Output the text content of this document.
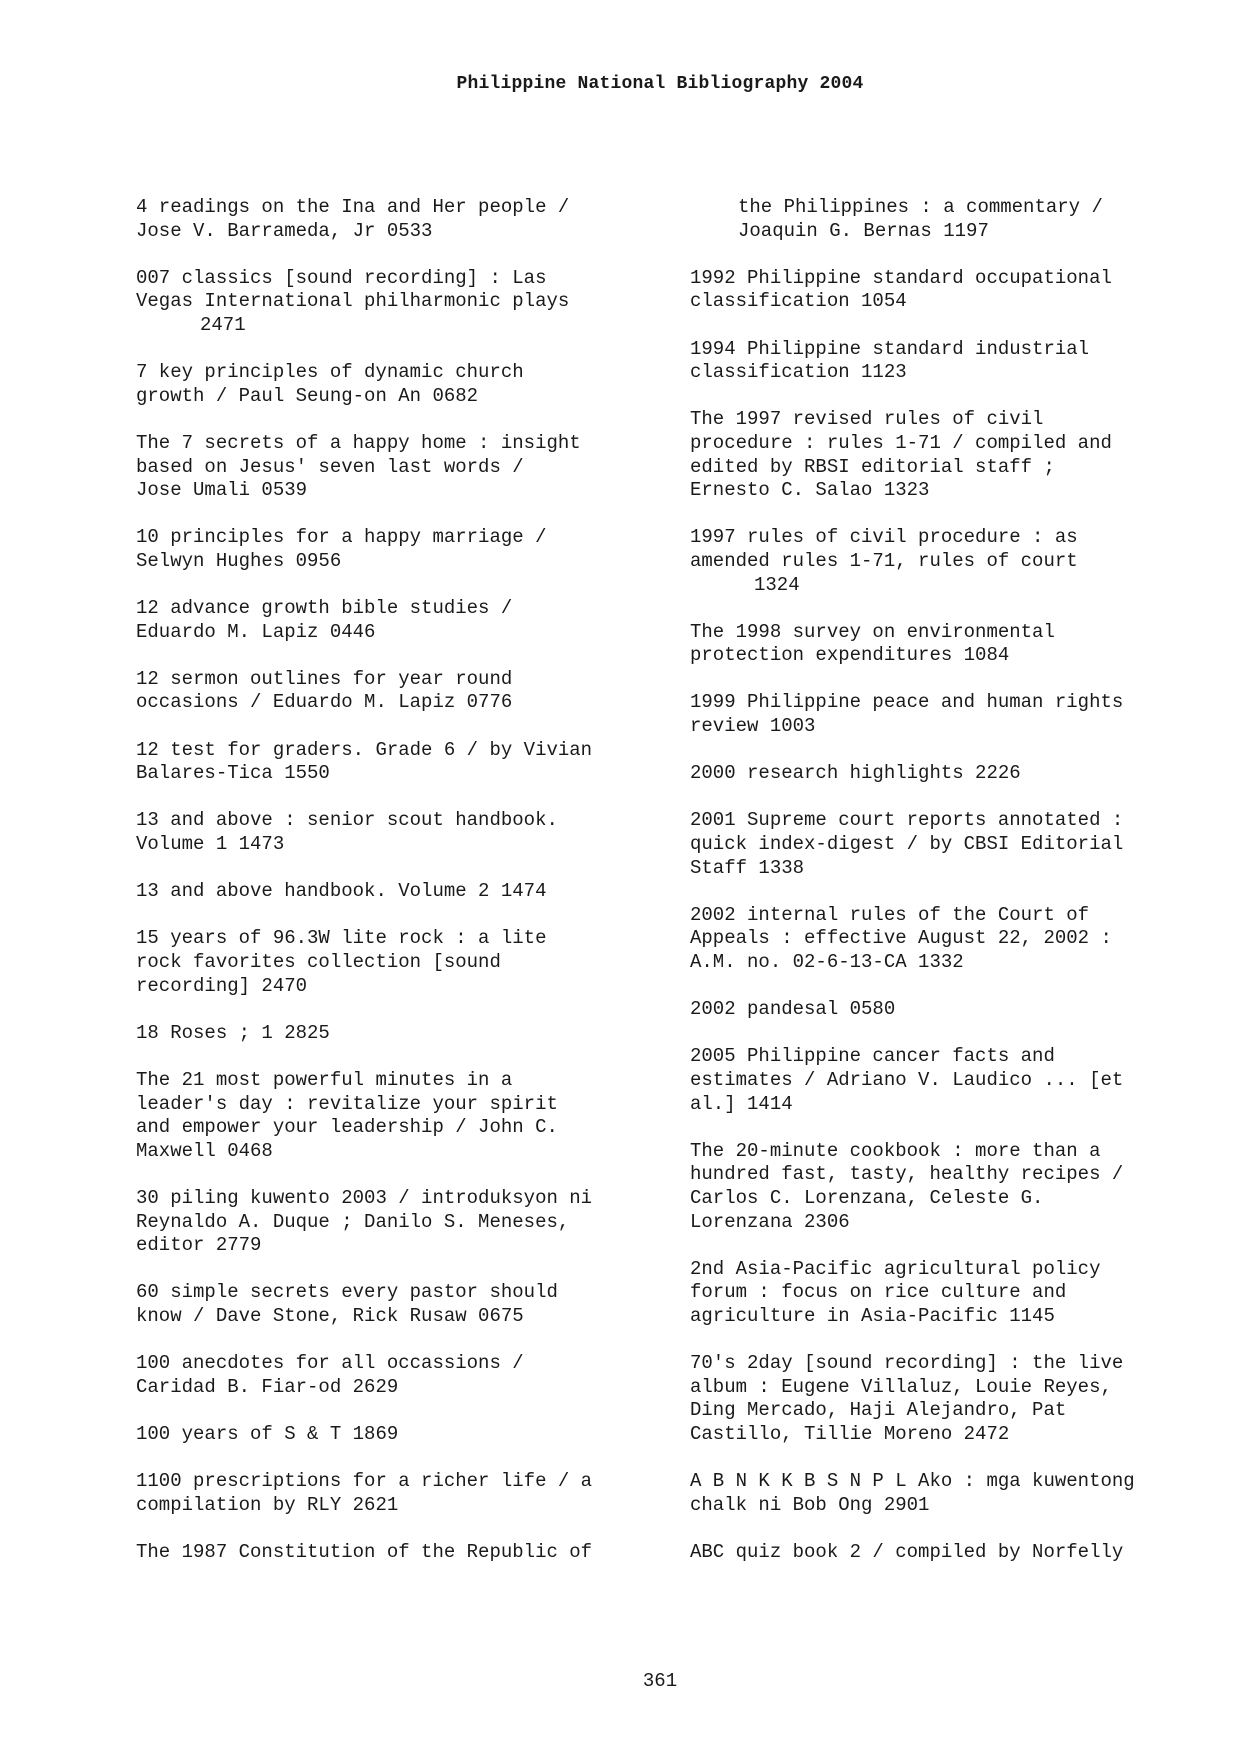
Philippine National Bibliography 2004
4 readings on the Ina and Her people /
Jose V. Barrameda, Jr 0533
007 classics [sound recording] : Las
Vegas International philharmonic plays
2471
7 key principles of dynamic church
growth / Paul Seung-on An 0682
The 7 secrets of a happy home : insight
based on Jesus' seven last words /
Jose Umali 0539
10 principles for a happy marriage /
Selwyn Hughes 0956
12 advance growth bible studies /
Eduardo M. Lapiz 0446
12 sermon outlines for year round
occasions / Eduardo M. Lapiz 0776
12 test for graders. Grade 6 / by Vivian
Balares-Tica 1550
13 and above : senior scout handbook.
Volume 1 1473
13 and above handbook. Volume 2 1474
15 years of 96.3W lite rock : a lite
rock favorites collection [sound
recording] 2470
18 Roses ; 1 2825
The 21 most powerful minutes in a
leader's day : revitalize your spirit
and empower your leadership / John C.
Maxwell 0468
30 piling kuwento 2003 / introduksyon ni
Reynaldo A. Duque ; Danilo S. Meneses,
editor 2779
60 simple secrets every pastor should
know / Dave Stone, Rick Rusaw 0675
100 anecdotes for all occassions /
Caridad B. Fiar-od 2629
100 years of S & T 1869
1100 prescriptions for a richer life / a
compilation by RLY 2621
The 1987 Constitution of the Republic of
the Philippines : a commentary /
Joaquin G. Bernas 1197
1992 Philippine standard occupational
classification 1054
1994 Philippine standard industrial
classification 1123
The 1997 revised rules of civil
procedure : rules 1-71 / compiled and
edited by RBSI editorial staff ;
Ernesto C. Salao 1323
1997 rules of civil procedure : as
amended rules 1-71, rules of court
1324
The 1998 survey on environmental
protection expenditures 1084
1999 Philippine peace and human rights
review 1003
2000 research highlights 2226
2001 Supreme court reports annotated :
quick index-digest / by CBSI Editorial
Staff 1338
2002 internal rules of the Court of
Appeals : effective August 22, 2002 :
A.M. no. 02-6-13-CA 1332
2002 pandesal 0580
2005 Philippine cancer facts and
estimates / Adriano V. Laudico ... [et
al.] 1414
The 20-minute cookbook : more than a
hundred fast, tasty, healthy recipes /
Carlos C. Lorenzana, Celeste G.
Lorenzana 2306
2nd Asia-Pacific agricultural policy
forum : focus on rice culture and
agriculture in Asia-Pacific 1145
70's 2day [sound recording] : the live
album : Eugene Villaluz, Louie Reyes,
Ding Mercado, Haji Alejandro, Pat
Castillo, Tillie Moreno 2472
A B N K K B S N P L Ako : mga kuwentong
chalk ni Bob Ong 2901
ABC quiz book 2 / compiled by Norfelly
361
